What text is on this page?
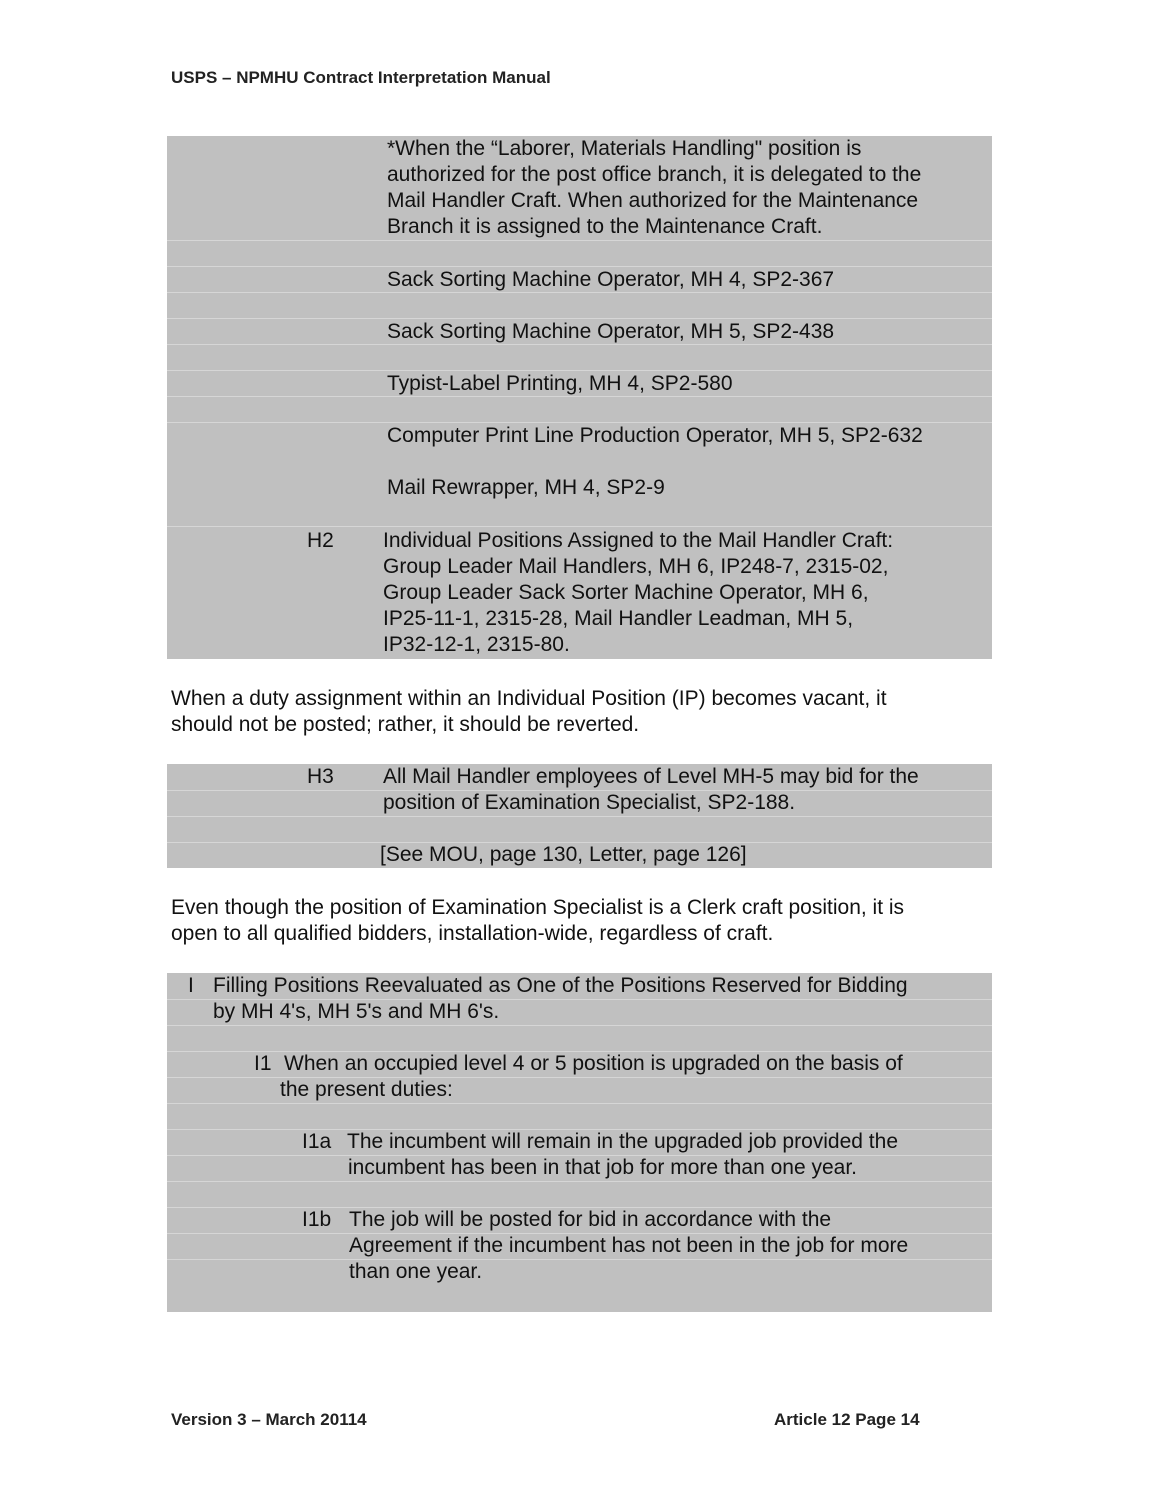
USPS – NPMHU Contract Interpretation Manual
*When the “Laborer, Materials Handling" position is
authorized for the post office branch, it is delegated to the
Mail Handler Craft. When authorized for the Maintenance
Branch it is assigned to the Maintenance Craft.
Sack Sorting Machine Operator, MH 4, SP2-367
Sack Sorting Machine Operator, MH 5, SP2-438
Typist-Label Printing, MH 4, SP2-580
Computer Print Line Production Operator, MH 5, SP2-632
Mail Rewrapper, MH 4, SP2-9
H2 Individual Positions Assigned to the Mail Handler Craft:
Group Leader Mail Handlers, MH 6, IP248-7, 2315-02,
Group Leader Sack Sorter Machine Operator, MH 6,
IP25-11-1, 2315-28, Mail Handler Leadman, MH 5,
IP32-12-1, 2315-80.
When a duty assignment within an Individual Position (IP) becomes vacant, it
should not be posted; rather, it should be reverted.
H3 All Mail Handler employees of Level MH-5 may bid for the
position of Examination Specialist, SP2-188.
[See MOU, page 130, Letter, page 126]
Even though the position of Examination Specialist is a Clerk craft position, it is
open to all qualified bidders, installation-wide, regardless of craft.
I Filling Positions Reevaluated as One of the Positions Reserved for Bidding
by MH 4's, MH 5's and MH 6's.
I1 When an occupied level 4 or 5 position is upgraded on the basis of
the present duties:
I1a The incumbent will remain in the upgraded job provided the
incumbent has been in that job for more than one year.
I1b The job will be posted for bid in accordance with the
Agreement if the incumbent has not been in the job for more
than one year.
Version 3 – March 20114	Article 12 Page 14
